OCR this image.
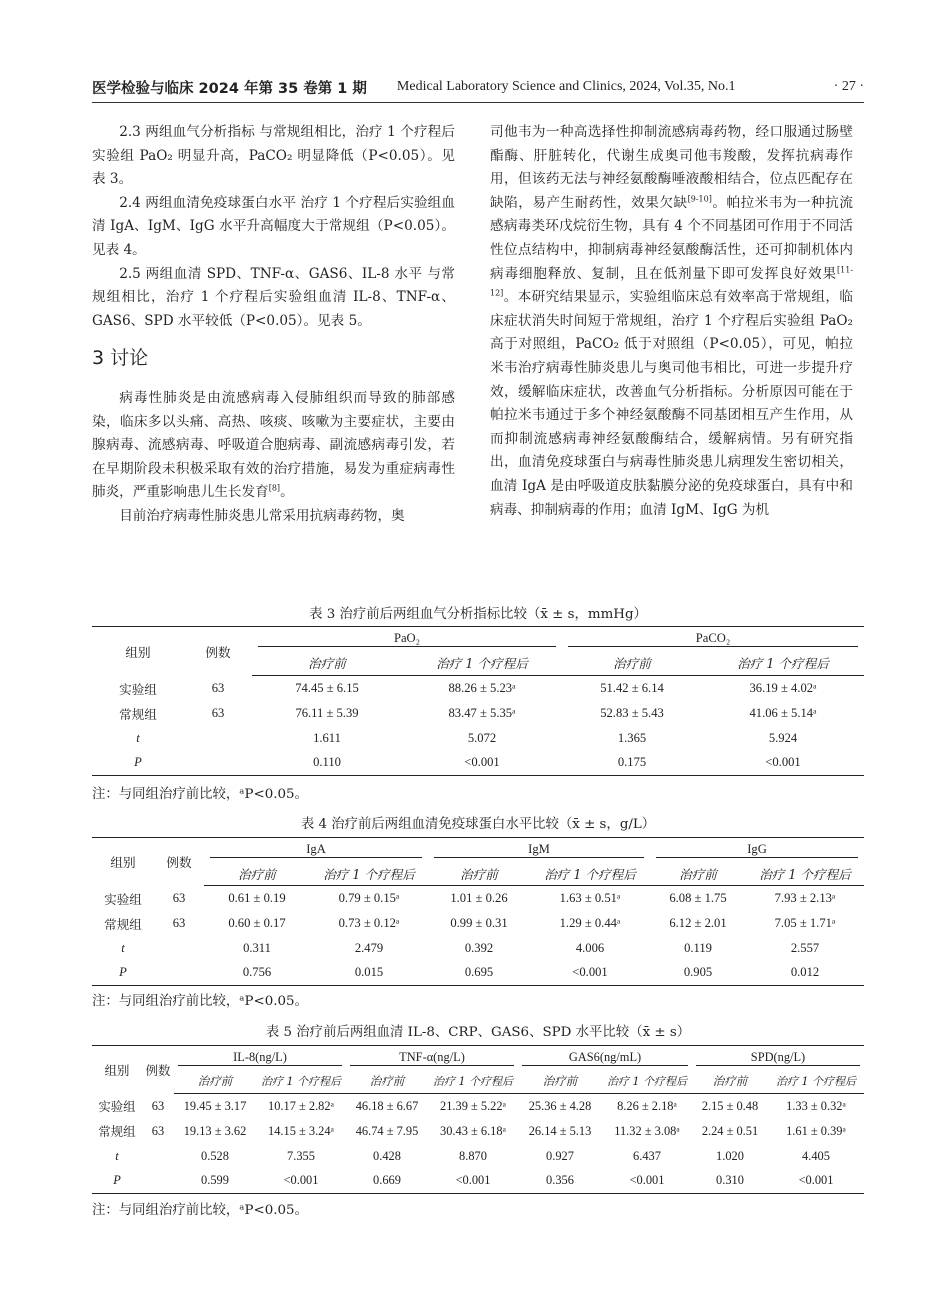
医学检验与临床 2024 年第 35 卷第 1 期 Medical Laboratory Science and Clinics, 2024, Vol.35, No.1	· 27 ·

2.3 两组血气分析指标 与常规组相比，治疗 1 个疗程后实验组 PaO₂ 明显升高，PaCO₂ 明显降低（P<0.05）。见表 3。

2.4 两组血清免疫球蛋白水平 治疗 1 个疗程后实验组血清 IgA、IgM、IgG 水平升高幅度大于常规组（P<0.05）。见表 4。

2.5 两组血清 SPD、TNF-α、GAS6、IL-8 水平 与常规组相比，治疗 1 个疗程后实验组血清 IL-8、TNF-α、GAS6、SPD 水平较低（P<0.05）。见表 5。

3 讨论

病毒性肺炎是由流感病毒入侵肺组织而导致的肺部感染，临床多以头痛、高热、咳痰、咳嗽为主要症状，主要由腺病毒、流感病毒、呼吸道合胞病毒、副流感病毒引发，若在早期阶段未积极采取有效的治疗措施，易发为重症病毒性肺炎，严重影响患儿生长发育[8]。

目前治疗病毒性肺炎患儿常采用抗病毒药物，奥

司他韦为一种高选择性抑制流感病毒药物，经口服通过肠壁酯酶、肝脏转化，代谢生成奥司他韦羧酸，发挥抗病毒作用，但该药无法与神经氨酸酶唾液酸相结合，位点匹配存在缺陷，易产生耐药性，效果欠缺[9-10]。帕拉米韦为一种抗流感病毒类环戊烷衍生物，具有 4 个不同基团可作用于不同活性位点结构中，抑制病毒神经氨酸酶活性，还可抑制机体内病毒细胞释放、复制，且在低剂量下即可发挥良好效果[11-12]。本研究结果显示，实验组临床总有效率高于常规组，临床症状消失时间短于常规组，治疗 1 个疗程后实验组 PaO₂ 高于对照组，PaCO₂ 低于对照组（P<0.05），可见，帕拉米韦治疗病毒性肺炎患儿与奥司他韦相比，可进一步提升疗效，缓解临床症状，改善血气分析指标。分析原因可能在于帕拉米韦通过于多个神经氨酸酶不同基团相互产生作用，从而抑制流感病毒神经氨酸酶结合，缓解病情。另有研究指出，血清免疫球蛋白与病毒性肺炎患儿病理发生密切相关，血清 IgA 是由呼吸道皮肤黏膜分泌的免疫球蛋白，具有中和病毒、抑制病毒的作用；血清 IgM、IgG 为机

表 3 治疗前后两组血气分析指标比较（x̄ ± s，mmHg）
组别	例数	PaO₂		PaCO₂	

		治疗前	治疗 1 个疗程后	治疗前	治疗 1 个疗程后
实验组	63	74.45 ± 6.15	88.26 ± 5.23ᵃ	51.42 ± 6.14	36.19 ± 4.02ᵃ
常规组	63	76.11 ± 5.39	83.47 ± 5.35ᵃ	52.83 ± 5.43	41.06 ± 5.14ᵃ
t		1.611	5.072	1.365	5.924
P		0.110	<0.001	0.175	<0.001
注：与同组治疗前比较，ᵃP<0.05。
表 4 治疗前后两组血清免疫球蛋白水平比较（x̄ ± s，g/L）
组别	例数	IgA		IgM		IgG	

		治疗前	治疗 1 个疗程后	治疗前	治疗 1 个疗程后	治疗前	治疗 1 个疗程后
实验组	63	0.61 ± 0.19	0.79 ± 0.15ᵃ	1.01 ± 0.26	1.63 ± 0.51ᵃ	6.08 ± 1.75	7.93 ± 2.13ᵃ
常规组	63	0.60 ± 0.17	0.73 ± 0.12ᵃ	0.99 ± 0.31	1.29 ± 0.44ᵃ	6.12 ± 2.01	7.05 ± 1.71ᵃ
t		0.311	2.479	0.392	4.006	0.119	2.557
P		0.756	0.015	0.695	<0.001	0.905	0.012
注：与同组治疗前比较，ᵃP<0.05。
表 5 治疗前后两组血清 IL-8、CRP、GAS6、SPD 水平比较（x̄ ± s）
组别	例数	IL-8(ng/L)		TNF-α(ng/L)		GAS6(ng/mL)		SPD(ng/L)	

		治疗前	治疗 1 个疗程后	治疗前	治疗 1 个疗程后	治疗前	治疗 1 个疗程后	治疗前	治疗 1 个疗程后
实验组	63	19.45 ± 3.17	10.17 ± 2.82ᵃ	46.18 ± 6.67	21.39 ± 5.22ᵃ	25.36 ± 4.28	8.26 ± 2.18ᵃ	2.15 ± 0.48	1.33 ± 0.32ᵃ
常规组	63	19.13 ± 3.62	14.15 ± 3.24ᵃ	46.74 ± 7.95	30.43 ± 6.18ᵃ	26.14 ± 5.13	11.32 ± 3.08ᵃ	2.24 ± 0.51	1.61 ± 0.39ᵃ
t		0.528	7.355	0.428	8.870	0.927	6.437	1.020	4.405
P		0.599	<0.001	0.669	<0.001	0.356	<0.001	0.310	<0.001
注：与同组治疗前比较，ᵃP<0.05。
